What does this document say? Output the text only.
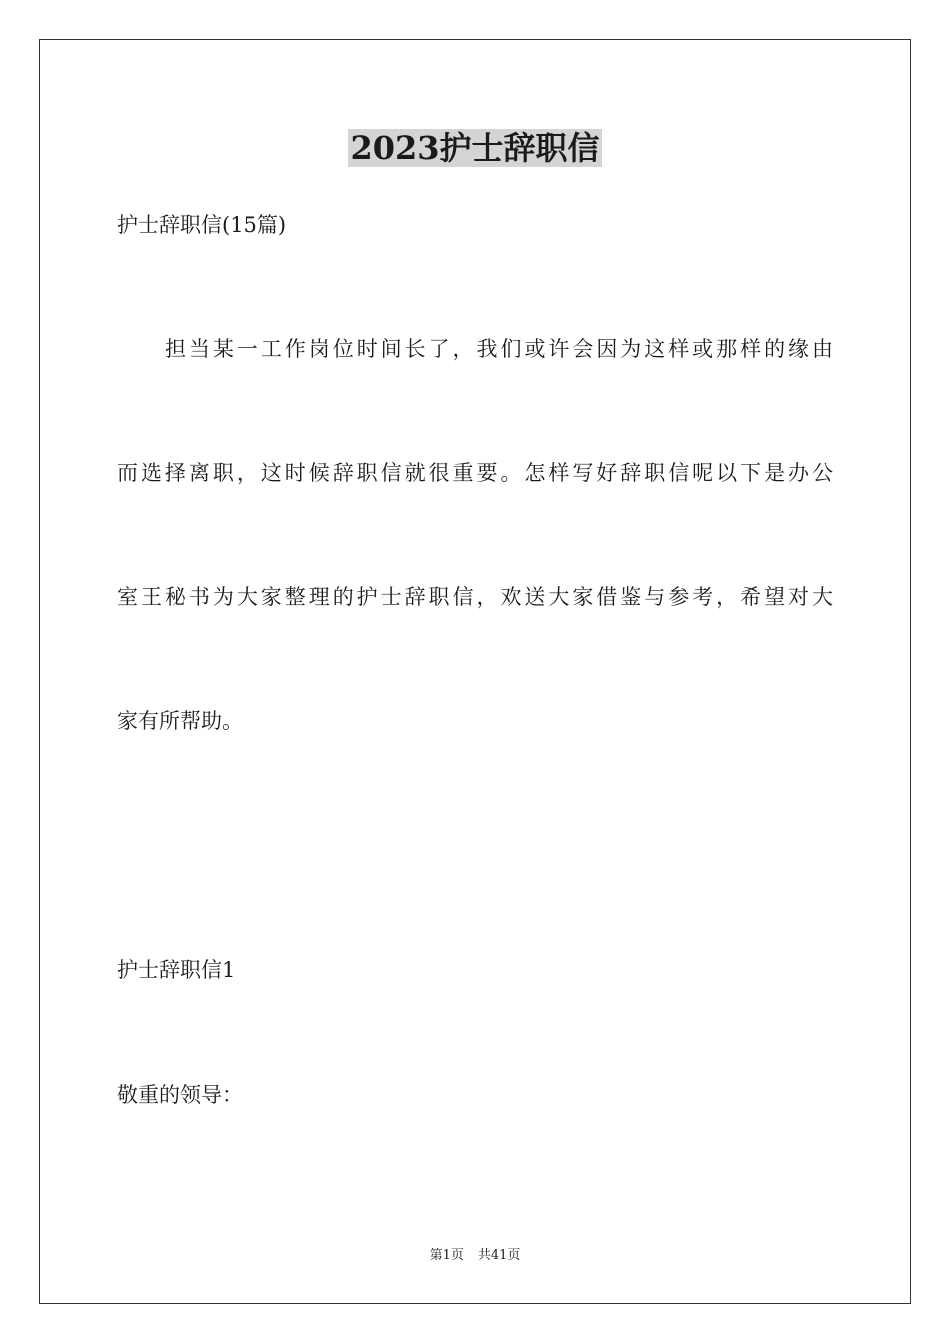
2023护士辞职信
护士辞职信(15篇)
担当某一工作岗位时间长了，我们或许会因为这样或那样的缘由
而选择离职，这时候辞职信就很重要。怎样写好辞职信呢以下是办公
室王秘书为大家整理的护士辞职信，欢送大家借鉴与参考，希望对大
家有所帮助。
护士辞职信1
敬重的领导：
第1页 共41页
